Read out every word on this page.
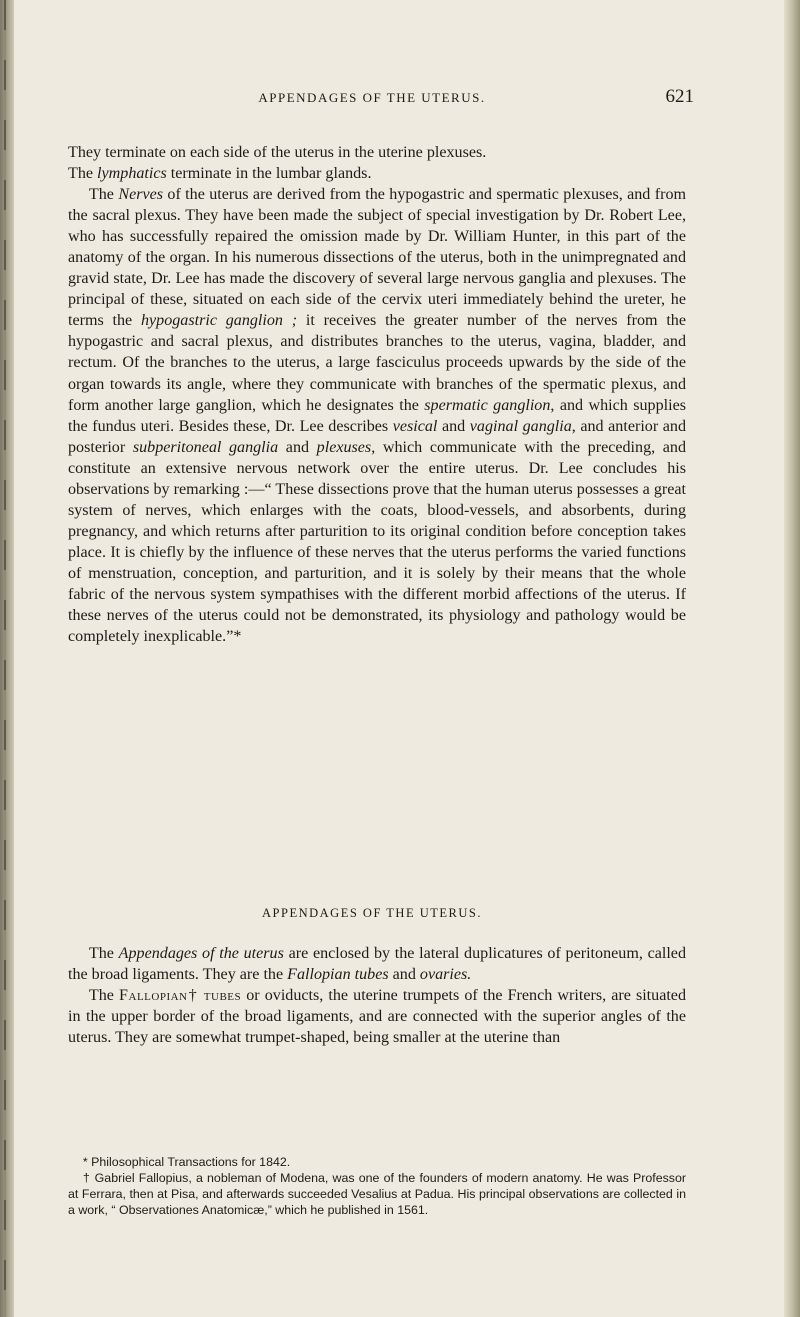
APPENDAGES OF THE UTERUS.	621

They terminate on each side of the uterus in the uterine plexuses.

The lymphatics terminate in the lumbar glands.

The Nerves of the uterus are derived from the hypogastric and spermatic plexuses, and from the sacral plexus. They have been made the subject of special investigation by Dr. Robert Lee, who has successfully repaired the omission made by Dr. William Hunter, in this part of the anatomy of the organ. In his numerous dissections of the uterus, both in the unimpregnated and gravid state, Dr. Lee has made the discovery of several large nervous ganglia and plexuses. The principal of these, situated on each side of the cervix uteri immediately behind the ureter, he terms the hypogastric ganglion ; it receives the greater number of the nerves from the hypogastric and sacral plexus, and distributes branches to the uterus, vagina, bladder, and rectum. Of the branches to the uterus, a large fasciculus proceeds upwards by the side of the organ towards its angle, where they communicate with branches of the spermatic plexus, and form another large ganglion, which he designates the spermatic ganglion, and which supplies the fundus uteri. Besides these, Dr. Lee describes vesical and vaginal ganglia, and anterior and posterior subperitoneal ganglia and plexuses, which communicate with the preceding, and constitute an extensive nervous network over the entire uterus. Dr. Lee concludes his observations by remarking :—“ These dissections prove that the human uterus possesses a great system of nerves, which enlarges with the coats, blood-vessels, and absorbents, during pregnancy, and which returns after parturition to its original condition before conception takes place. It is chiefly by the influence of these nerves that the uterus performs the varied functions of menstruation, conception, and parturition, and it is solely by their means that the whole fabric of the nervous system sympathises with the different morbid affections of the uterus. If these nerves of the uterus could not be demonstrated, its physiology and pathology would be completely inexplicable.”*

APPENDAGES OF THE UTERUS.

The Appendages of the uterus are enclosed by the lateral duplicatures of peritoneum, called the broad ligaments. They are the Fallopian tubes and ovaries.

The Fallopian† tubes or oviducts, the uterine trumpets of the French writers, are situated in the upper border of the broad ligaments, and are connected with the superior angles of the uterus. They are somewhat trumpet-shaped, being smaller at the uterine than

* Philosophical Transactions for 1842.

† Gabriel Fallopius, a nobleman of Modena, was one of the founders of modern anatomy. He was Professor at Ferrara, then at Pisa, and afterwards succeeded Vesalius at Padua. His principal observations are collected in a work, “ Observationes Anatomicæ,” which he published in 1561.
